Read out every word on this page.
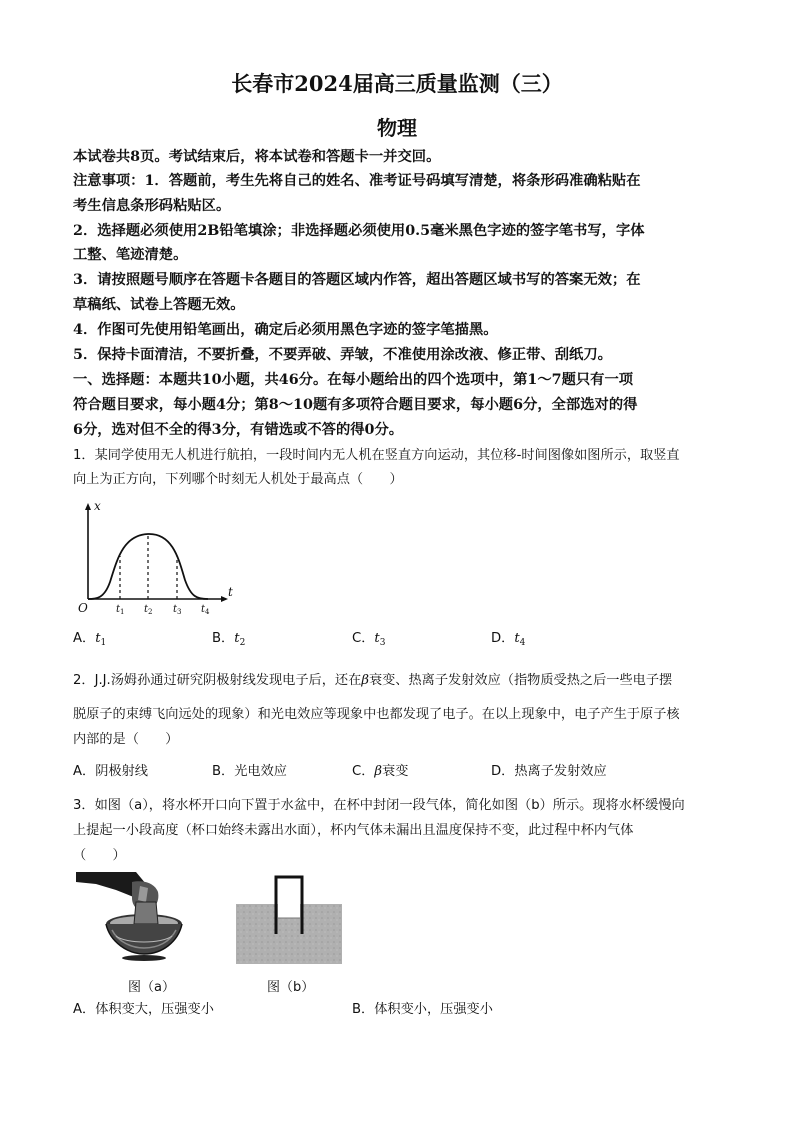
长春市2024届高三质量监测（三）
物理
本试卷共8页。考试结束后，将本试卷和答题卡一并交回。
注意事项：1．答题前，考生先将自己的姓名、准考证号码填写清楚，将条形码准确粘贴在
考生信息条形码粘贴区。
2．选择题必须使用2B铅笔填涂；非选择题必须使用0.5毫米黑色字迹的签字笔书写，字体
工整、笔迹清楚。
3．请按照题号顺序在答题卡各题目的答题区域内作答，超出答题区域书写的答案无效；在
草稿纸、试卷上答题无效。
4．作图可先使用铅笔画出，确定后必须用黑色字迹的签字笔描黑。
5．保持卡面清洁，不要折叠，不要弄破、弄皱，不准使用涂改液、修正带、刮纸刀。
一、选择题：本题共10小题，共46分。在每小题给出的四个选项中，第1～7题只有一项
符合题目要求，每小题4分；第8～10题有多项符合题目要求，每小题6分，全部选对的得
6分，选对但不全的得3分，有错选或不答的得0分。
1．某同学使用无人机进行航拍，一段时间内无人机在竖直方向运动，其位移-时间图像如图所示，取竖直
向上为正方向，下列哪个时刻无人机处于最高点（　　）
x
t
O	$t_1$ $t_2$ $t_3$ $t_4$
A．$t_1$	B．$t_2$	C．$t_3$	D．$t_4$
2．J.J.汤姆孙通过研究阴极射线发现电子后，还在β衰变、热离子发射效应（指物质受热之后一些电子摆
脱原子的束缚飞向远处的现象）和光电效应等现象中也都发现了电子。在以上现象中，电子产生于原子核
内部的是（　　）
A．阴极射线	B．光电效应	C．β衰变	D．热离子发射效应
3．如图（a），将水杯开口向下置于水盆中，在杯中封闭一段气体，简化如图（b）所示。现将水杯缓慢向
上提起一小段高度（杯口始终未露出水面），杯内气体未漏出且温度保持不变，此过程中杯内气体
（　　）
图（a）	图（b）
A．体积变大，压强变小	B．体积变小，压强变小
